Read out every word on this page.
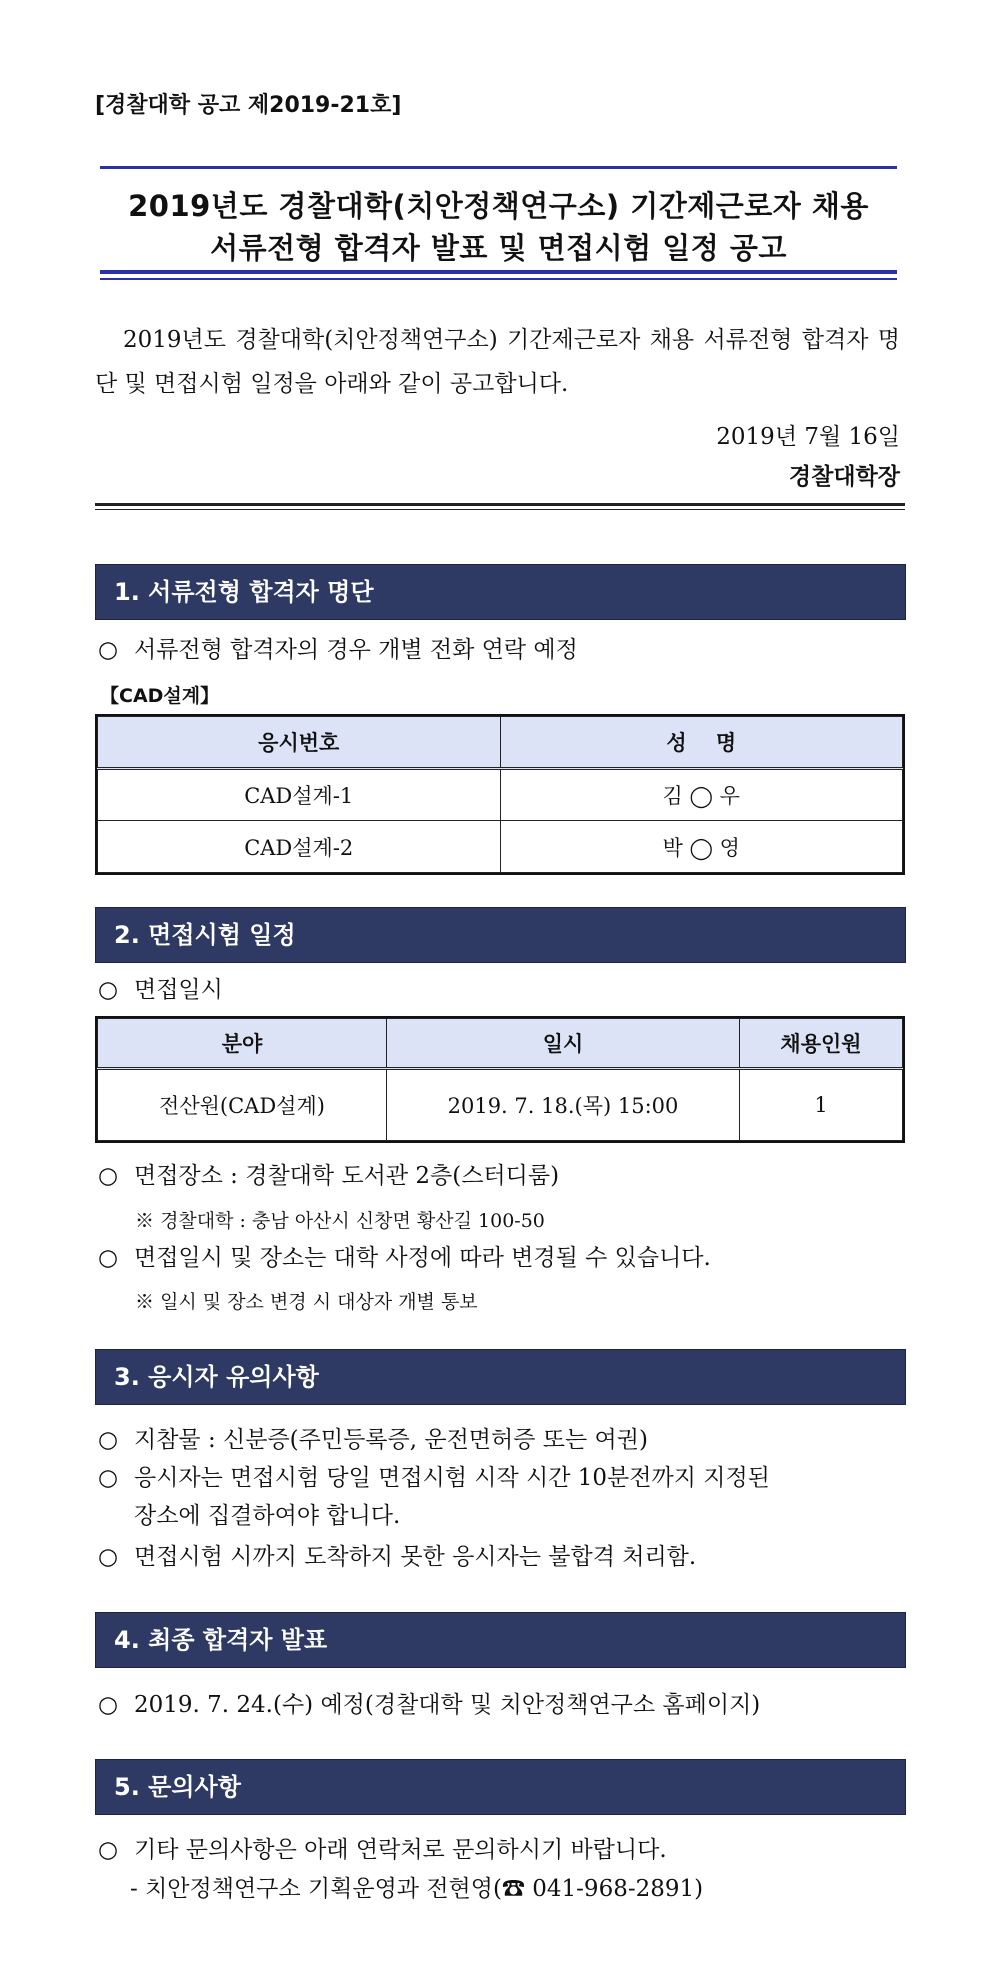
[경찰대학 공고 제2019-21호]
2019년도 경찰대학(치안정책연구소) 기간제근로자 채용
서류전형 합격자 발표 및 면접시험 일정 공고

2019년도 경찰대학(치안정책연구소) 기간제근로자 채용 서류전형 합격자 명단 및 면접시험 일정을 아래와 같이 공고합니다.

2019년 7월 16일
경찰대학장
1. 서류전형 합격자 명단
○ 서류전형 합격자의 경우 개별 전화 연락 예정
【CAD설계】
응시번호	성    명
CAD설계-1	김 ◯ 우
CAD설계-2	박 ◯ 영
2. 면접시험 일정
○ 면접일시
분야	일시	채용인원
전산원(CAD설계)	2019. 7. 18.(목) 15:00	1
○ 면접장소 : 경찰대학 도서관 2층(스터디룸)
※ 경찰대학 : 충남 아산시 신창면 황산길 100-50
○ 면접일시 및 장소는 대학 사정에 따라 변경될 수 있습니다.
※ 일시 및 장소 변경 시 대상자 개별 통보
3. 응시자 유의사항
○ 지참물 : 신분증(주민등록증, 운전면허증 또는 여권)
○ 응시자는 면접시험 당일 면접시험 시작 시간 10분전까지 지정된
장소에 집결하여야 합니다.
○ 면접시험 시까지 도착하지 못한 응시자는 불합격 처리함.
4. 최종 합격자 발표
○ 2019. 7. 24.(수) 예정(경찰대학 및 치안정책연구소 홈페이지)
5. 문의사항
○ 기타 문의사항은 아래 연락처로 문의하시기 바랍니다.
- 치안정책연구소 기획운영과 전현영(☎ 041-968-2891)
